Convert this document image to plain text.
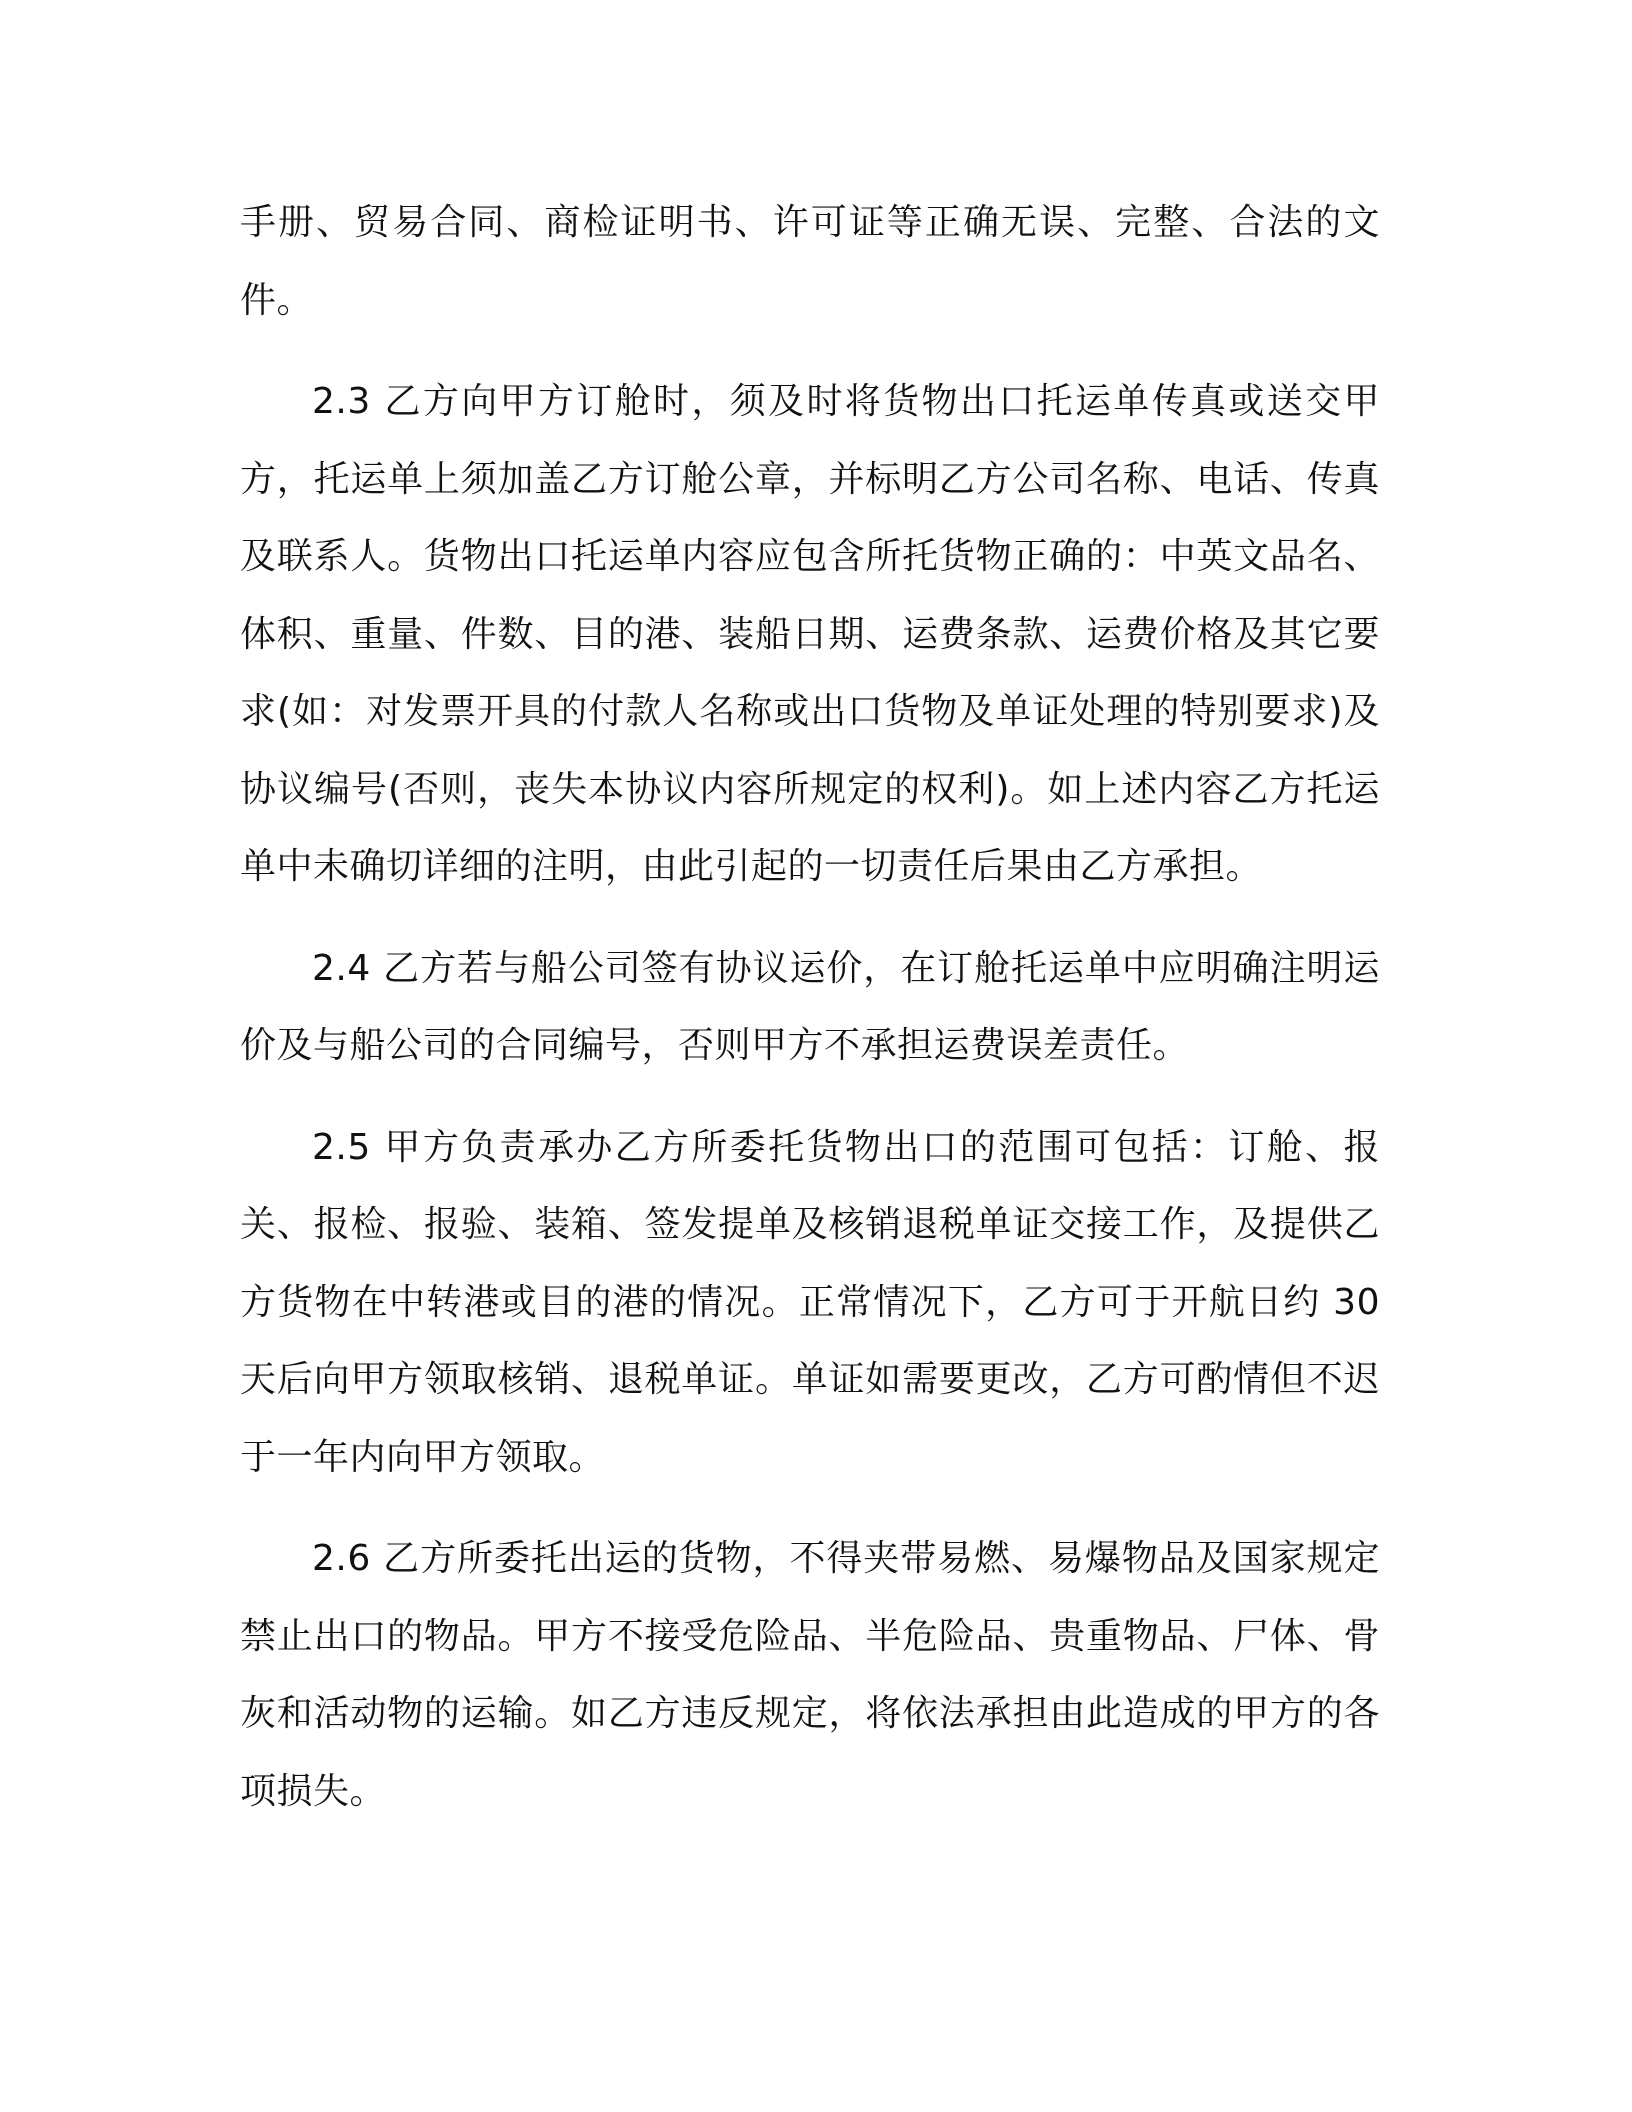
手册、贸易合同、商检证明书、许可证等正确无误、完整、合法的文件。

2.3 乙方向甲方订舱时，须及时将货物出口托运单传真或送交甲方，托运单上须加盖乙方订舱公章，并标明乙方公司名称、电话、传真及联系人。货物出口托运单内容应包含所托货物正确的：中英文品名、体积、重量、件数、目的港、装船日期、运费条款、运费价格及其它要求(如：对发票开具的付款人名称或出口货物及单证处理的特别要求)及协议编号(否则，丧失本协议内容所规定的权利)。如上述内容乙方托运单中未确切详细的注明，由此引起的一切责任后果由乙方承担。

2.4 乙方若与船公司签有协议运价，在订舱托运单中应明确注明运价及与船公司的合同编号，否则甲方不承担运费误差责任。

2.5 甲方负责承办乙方所委托货物出口的范围可包括：订舱、报关、报检、报验、装箱、签发提单及核销退税单证交接工作，及提供乙方货物在中转港或目的港的情况。正常情况下，乙方可于开航日约 30 天后向甲方领取核销、退税单证。单证如需要更改，乙方可酌情但不迟于一年内向甲方领取。

2.6 乙方所委托出运的货物，不得夹带易燃、易爆物品及国家规定禁止出口的物品。甲方不接受危险品、半危险品、贵重物品、尸体、骨灰和活动物的运输。如乙方违反规定，将依法承担由此造成的甲方的各项损失。
